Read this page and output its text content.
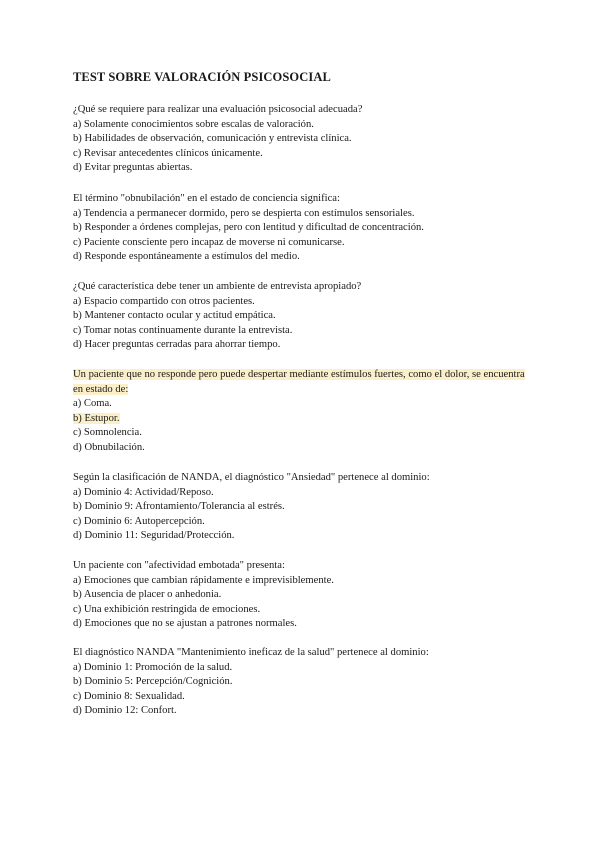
TEST SOBRE VALORACIÓN PSICOSOCIAL
¿Qué se requiere para realizar una evaluación psicosocial adecuada?
a) Solamente conocimientos sobre escalas de valoración.
b) Habilidades de observación, comunicación y entrevista clínica.
c) Revisar antecedentes clínicos únicamente.
d) Evitar preguntas abiertas.
El término "obnubilación" en el estado de conciencia significa:
a) Tendencia a permanecer dormido, pero se despierta con estímulos sensoriales.
b) Responder a órdenes complejas, pero con lentitud y dificultad de concentración.
c) Paciente consciente pero incapaz de moverse ni comunicarse.
d) Responde espontáneamente a estímulos del medio.
¿Qué característica debe tener un ambiente de entrevista apropiado?
a) Espacio compartido con otros pacientes.
b) Mantener contacto ocular y actitud empática.
c) Tomar notas continuamente durante la entrevista.
d) Hacer preguntas cerradas para ahorrar tiempo.
Un paciente que no responde pero puede despertar mediante estímulos fuertes, como el dolor, se encuentra en estado de:
a) Coma.
b) Estupor.
c) Somnolencia.
d) Obnubilación.
Según la clasificación de NANDA, el diagnóstico "Ansiedad" pertenece al dominio:
a) Dominio 4: Actividad/Reposo.
b) Dominio 9: Afrontamiento/Tolerancia al estrés.
c) Dominio 6: Autopercepción.
d) Dominio 11: Seguridad/Protección.
Un paciente con "afectividad embotada" presenta:
a) Emociones que cambian rápidamente e imprevisiblemente.
b) Ausencia de placer o anhedonia.
c) Una exhibición restringida de emociones.
d) Emociones que no se ajustan a patrones normales.
El diagnóstico NANDA "Mantenimiento ineficaz de la salud" pertenece al dominio:
a) Dominio 1: Promoción de la salud.
b) Dominio 5: Percepción/Cognición.
c) Dominio 8: Sexualidad.
d) Dominio 12: Confort.
